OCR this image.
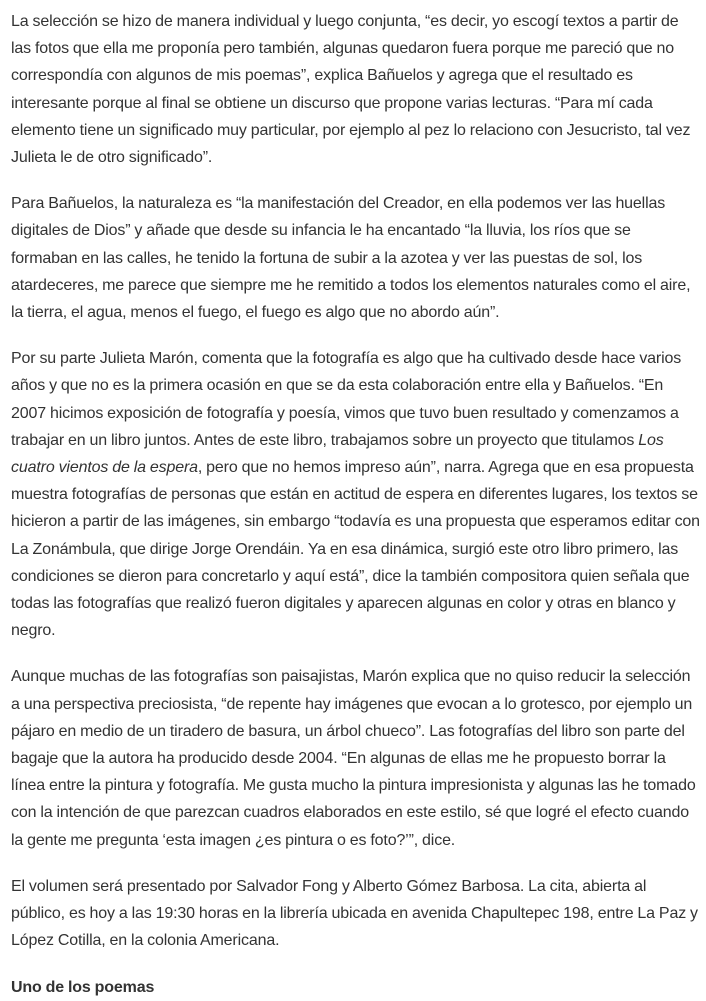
La selección se hizo de manera individual y luego conjunta, “es decir, yo escogí textos a partir de las fotos que ella me proponía pero también, algunas quedaron fuera porque me pareció que no correspondía con algunos de mis poemas”, explica Bañuelos y agrega que el resultado es interesante porque al final se obtiene un discurso que propone varias lecturas. “Para mí cada elemento tiene un significado muy particular, por ejemplo al pez lo relaciono con Jesucristo, tal vez Julieta le de otro significado”.

Para Bañuelos, la naturaleza es “la manifestación del Creador, en ella podemos ver las huellas digitales de Dios” y añade que desde su infancia le ha encantado “la lluvia, los ríos que se formaban en las calles, he tenido la fortuna de subir a la azotea y ver las puestas de sol, los atardeceres, me parece que siempre me he remitido a todos los elementos naturales como el aire, la tierra, el agua, menos el fuego, el fuego es algo que no abordo aún”.

Por su parte Julieta Marón, comenta que la fotografía es algo que ha cultivado desde hace varios años y que no es la primera ocasión en que se da esta colaboración entre ella y Bañuelos. “En 2007 hicimos exposición de fotografía y poesía, vimos que tuvo buen resultado y comenzamos a trabajar en un libro juntos. Antes de este libro, trabajamos sobre un proyecto que titulamos Los cuatro vientos de la espera, pero que no hemos impreso aún”, narra. Agrega que en esa propuesta muestra fotografías de personas que están en actitud de espera en diferentes lugares, los textos se hicieron a partir de las imágenes, sin embargo “todavía es una propuesta que esperamos editar con La Zonámbula, que dirige Jorge Orendáin. Ya en esa dinámica, surgió este otro libro primero, las condiciones se dieron para concretarlo y aquí está”, dice la también compositora quien señala que todas las fotografías que realizó fueron digitales y aparecen algunas en color y otras en blanco y negro.

Aunque muchas de las fotografías son paisajistas, Marón explica que no quiso reducir la selección a una perspectiva preciosista, “de repente hay imágenes que evocan a lo grotesco, por ejemplo un pájaro en medio de un tiradero de basura, un árbol chueco”. Las fotografías del libro son parte del bagaje que la autora ha producido desde 2004. “En algunas de ellas me he propuesto borrar la línea entre la pintura y fotografía. Me gusta mucho la pintura impresionista y algunas las he tomado con la intención de que parezcan cuadros elaborados en este estilo, sé que logré el efecto cuando la gente me pregunta ‘esta imagen ¿es pintura o es foto?’”, dice.

El volumen será presentado por Salvador Fong y Alberto Gómez Barbosa. La cita, abierta al público, es hoy a las 19:30 horas en la librería ubicada en avenida Chapultepec 198, entre La Paz y López Cotilla, en la colonia Americana.

Uno de los poemas
